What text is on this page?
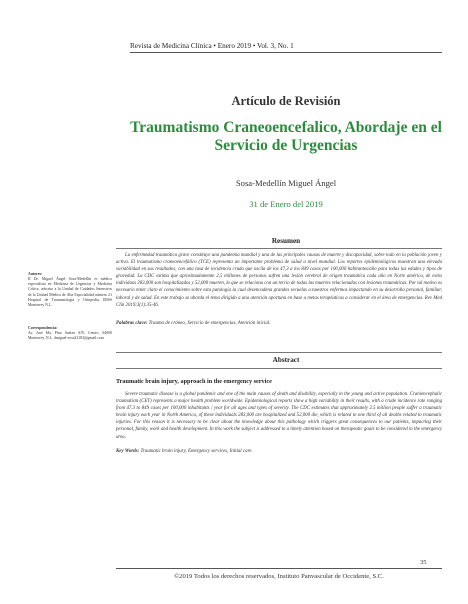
Revista de Medicina Clínica • Enero 2019 • Vol. 3, No. 1
Artículo de Revisión
Traumatismo Craneoencefalico, Abordaje en el Servicio de Urgencias
Sosa-Medellín Miguel Ángel
31 de Enero del 2019
Autores:
II Dr. Miguel Ángel Sosa-Medellín es médico especialista en Medicina de Urgencias y Medicina Crítica, adscrito a la Unidad de Cuidados Intensivos de la Unidad Médica de Alta Especialidad número 21 Hospital de Traumatología y Ortopedia, IMSS Monterrey N.L.
Correspondencia:
Av. José Ma. Pino Suárez S/N, Centro, 64000 Monterrey, N.L. dmiguel-sosa22183@gmail.com
Resumen
La enfermedad traumática grave constituye una pandemia mundial y una de las principales causas de muerte y discapacidad, sobre todo en la población joven y activa. El traumatismo craneoencefálico (TCE) representa un importante problema de salud a nivel mundial. Los reportes epidemiológicos muestran una elevada variabilidad en sus resultados, con una tasa de incidencia cruda que oscila de los 47,3 a los 849 casos por 100,000 habitantes/año para todas las edades y tipos de gravedad. La CDC estima que aproximadamente 2,5 millones de personas sufren una lesión cerebral de origen traumática cada año en Norte américa, de estos individuos 283,000 son hospitalizados y 52,000 mueren, lo que se relaciona con un tercio de todas las muertes relacionadas con lesiones traumáticas. Por tal motivo es necesario tener claro el conocimiento sobre esta patología la cual desencadena grandes secuelas a nuestros enfermos impactando en su desarrollo personal, familiar, laboral y de salud. En este trabajo se aborda el tema dirigido a una atención oportuna en base a metas terapéuticas a considerar en el área de emergencias. Rev Med Clin 2019;3(1):35-46.
Palabras clave: Trauma de cráneo, Servicio de emergencias, Atención inicial.
Abstract
Traumatic brain injury, approach in the emergency service
Severe traumatic disease is a global pandemic and one of the main causes of death and disability, especially in the young and active population. Craniencephalic traumatism (CET) represents a major health problem worldwide. Epidemiological reports show a high variability in their results, with a crude incidence rate ranging from 47.3 to 849 cases per 100,000 inhabitants / year for all ages and types of severity. The CDC estimates that approximately 2.5 million people suffer a traumatic brain injury each year in North America, of these individuals 283,000 are hospitalized and 52,000 die, which is related to one third of all deaths related to traumatic injuries. For this reason it is necessary to be clear about the knowledge about this pathology which triggers great consequences to our patients, impacting their personal, family, work and health development. In this work the subject is addressed to a timely attention based on therapeutic goals to be considered in the emergency area.
Key Words: Traumatic brain injury, Emergency services, Initial care.
35
©2019 Todos los derechos reservados, Instituto Panvascular de Occidente, S.C.
